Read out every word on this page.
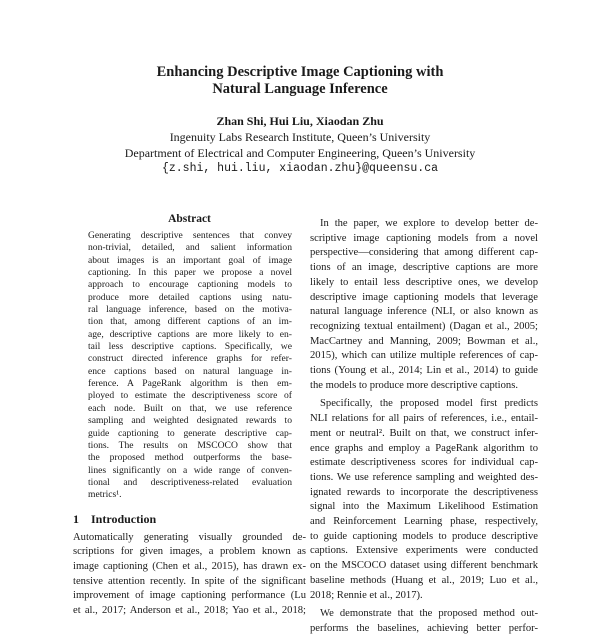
Enhancing Descriptive Image Captioning with
Natural Language Inference
Zhan Shi, Hui Liu, Xiaodan Zhu
Ingenuity Labs Research Institute, Queen’s University
Department of Electrical and Computer Engineering, Queen’s University
{z.shi, hui.liu, xiaodan.zhu}@queensu.ca
Abstract
Generating descriptive sentences that convey
non-trivial, detailed, and salient information
about images is an important goal of image
captioning. In this paper we propose a novel
approach to encourage captioning models to
produce more detailed captions using natu-
ral language inference, based on the motiva-
tion that, among different captions of an im-
age, descriptive captions are more likely to en-
tail less descriptive captions. Specifically, we
construct directed inference graphs for refer-
ence captions based on natural language in-
ference. A PageRank algorithm is then em-
ployed to estimate the descriptiveness score of
each node. Built on that, we use reference
sampling and weighted designated rewards to
guide captioning to generate descriptive cap-
tions. The results on MSCOCO show that
the proposed method outperforms the base-
lines significantly on a wide range of conven-
tional and descriptiveness-related evaluation
metrics¹.
1 Introduction
Automatically generating visually grounded de-
scriptions for given images, a problem known as
image captioning (Chen et al., 2015), has drawn ex-
tensive attention recently. In spite of the significant
improvement of image captioning performance (Lu
et al., 2017; Anderson et al., 2018; Yao et al., 2018;
In the paper, we explore to develop better de-
scriptive image captioning models from a novel
perspective—considering that among different cap-
tions of an image, descriptive captions are more
likely to entail less descriptive ones, we develop
descriptive image captioning models that leverage
natural language inference (NLI, or also known as
recognizing textual entailment) (Dagan et al., 2005;
MacCartney and Manning, 2009; Bowman et al.,
2015), which can utilize multiple references of cap-
tions (Young et al., 2014; Lin et al., 2014) to guide
the models to produce more descriptive captions.
Specifically, the proposed model first predicts
NLI relations for all pairs of references, i.e., entail-
ment or neutral². Built on that, we construct infer-
ence graphs and employ a PageRank algorithm to
estimate descriptiveness scores for individual cap-
tions. We use reference sampling and weighted des-
ignated rewards to incorporate the descriptiveness
signal into the Maximum Likelihood Estimation
and Reinforcement Learning phase, respectively,
to guide captioning models to produce descriptive
captions. Extensive experiments were conducted
on the MSCOCO dataset using different benchmark
baseline methods (Huang et al., 2019; Luo et al.,
2018; Rennie et al., 2017).
We demonstrate that the proposed method out-
performs the baselines, achieving better perfor-
